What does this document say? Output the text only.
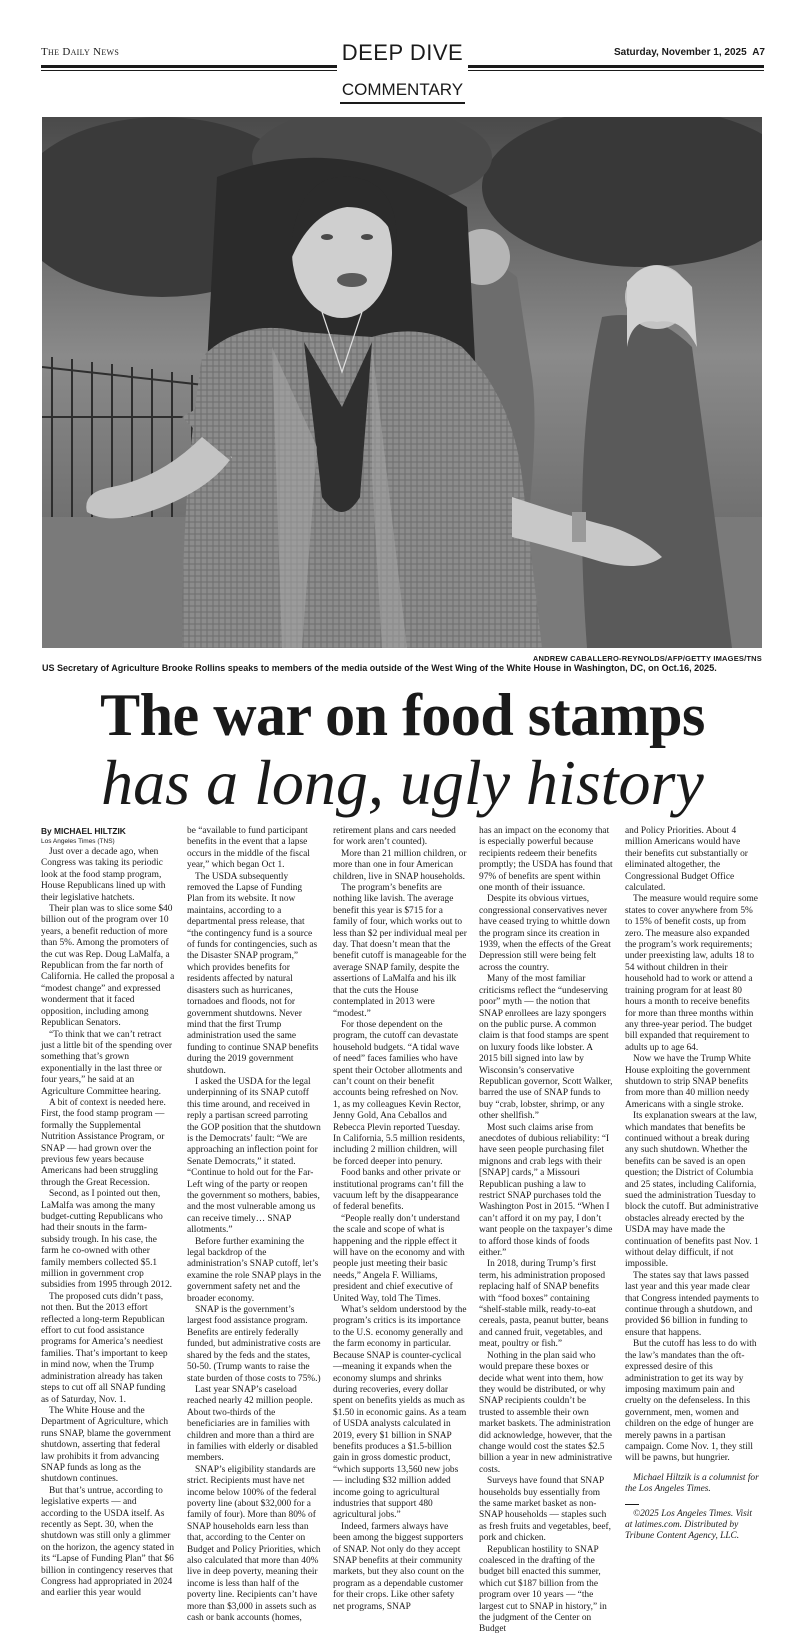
The Daily News	DEEP DIVE	Saturday, November 1, 2025 A7
COMMENTARY
ANDREW CABALLERO-REYNOLDS/AFP/GETTY IMAGES/TNS
US Secretary of Agriculture Brooke Rollins speaks to members of the media outside of the West Wing of the White House in Washington, DC, on Oct.16, 2025.
The war on food stamps
has a long, ugly history
By MICHAEL HILTZIK
Los Angeles Times (TNS)

Just over a decade ago, when Congress was taking its periodic look at the food stamp program, House Republicans lined up with their legislative hatchets.

Their plan was to slice some $40 billion out of the program over 10 years, a benefit reduction of more than 5%. Among the promoters of the cut was Rep. Doug LaMalfa, a Republican from the far north of California. He called the proposal a “modest change” and expressed wonderment that it faced opposition, including among Republican Senators.

“To think that we can’t retract just a little bit of the spending over something that’s grown exponentially in the last three or four years,” he said at an Agriculture Committee hearing.

A bit of context is needed here. First, the food stamp program — formally the Supplemental Nutrition Assistance Program, or SNAP — had grown over the previous few years because Americans had been struggling through the Great Recession.

Second, as I pointed out then, LaMalfa was among the many budget-cutting Republicans who had their snouts in the farm-subsidy trough. In his case, the farm he co-owned with other family members collected $5.1 million in government crop subsidies from 1995 through 2012.

The proposed cuts didn’t pass, not then. But the 2013 effort reflected a long-term Republican effort to cut food assistance programs for America’s neediest families. That’s important to keep in mind now, when the Trump administration already has taken steps to cut off all SNAP funding as of Saturday, Nov. 1.

The White House and the Department of Agriculture, which runs SNAP, blame the government shutdown, asserting that federal law prohibits it from advancing SNAP funds as long as the shutdown continues.

But that’s untrue, according to legislative experts — and according to the USDA itself. As recently as Sept. 30, when the shutdown was still only a glimmer on the horizon, the agency stated in its “Lapse of Funding Plan” that $6 billion in contingency reserves that Congress had appropriated in 2024 and earlier this year would

be “available to fund participant benefits in the event that a lapse occurs in the middle of the fiscal year,” which began Oct 1.

The USDA subsequently removed the Lapse of Funding Plan from its website. It now maintains, according to a departmental press release, that “the contingency fund is a source of funds for contingencies, such as the Disaster SNAP program,” which provides benefits for residents affected by natural disasters such as hurricanes, tornadoes and floods, not for government shutdowns. Never mind that the first Trump administration used the same funding to continue SNAP benefits during the 2019 government shutdown.

I asked the USDA for the legal underpinning of its SNAP cutoff this time around, and received in reply a partisan screed parroting the GOP position that the shutdown is the Democrats’ fault: “We are approaching an inflection point for Senate Democrats,” it stated. “Continue to hold out for the Far-Left wing of the party or reopen the government so mothers, babies, and the most vulnerable among us can receive timely… SNAP allotments.”

Before further examining the legal backdrop of the administration’s SNAP cutoff, let’s examine the role SNAP plays in the government safety net and the broader economy.

SNAP is the government’s largest food assistance program. Benefits are entirely federally funded, but administrative costs are shared by the feds and the states, 50-50. (Trump wants to raise the state burden of those costs to 75%.)

Last year SNAP’s caseload reached nearly 42 million people. About two-thirds of the beneficiaries are in families with children and more than a third are in families with elderly or disabled members.

SNAP’s eligibility standards are strict. Recipients must have net income below 100% of the federal poverty line (about $32,000 for a family of four). More than 80% of SNAP households earn less than that, according to the Center on Budget and Policy Priorities, which also calculated that more than 40% live in deep poverty, meaning their income is less than half of the poverty line. Recipients can’t have more than $3,000 in assets such as cash or bank accounts (homes,

retirement plans and cars needed for work aren’t counted).

More than 21 million children, or more than one in four American children, live in SNAP households.

The program’s benefits are nothing like lavish. The average benefit this year is $715 for a family of four, which works out to less than $2 per individual meal per day. That doesn’t mean that the benefit cutoff is manageable for the average SNAP family, despite the assertions of LaMalfa and his ilk that the cuts the House contemplated in 2013 were “modest.”

For those dependent on the program, the cutoff can devastate household budgets. “A tidal wave of need” faces families who have spent their October allotments and can’t count on their benefit accounts being refreshed on Nov. 1, as my colleagues Kevin Rector, Jenny Gold, Ana Ceballos and Rebecca Plevin reported Tuesday. In California, 5.5 million residents, including 2 million children, will be forced deeper into penury.

Food banks and other private or institutional programs can’t fill the vacuum left by the disappearance of federal benefits.

“People really don’t understand the scale and scope of what is happening and the ripple effect it will have on the economy and with people just meeting their basic needs,” Angela F. Williams, president and chief executive of United Way, told The Times.

What’s seldom understood by the program’s critics is its importance to the U.S. economy generally and the farm economy in particular. Because SNAP is counter-cyclical—meaning it expands when the economy slumps and shrinks during recoveries, every dollar spent on benefits yields as much as $1.50 in economic gains. As a team of USDA analysts calculated in 2019, every $1 billion in SNAP benefits produces a $1.5-billion gain in gross domestic product, “which supports 13,560 new jobs — including $32 million added income going to agricultural industries that support 480 agricultural jobs.”

Indeed, farmers always have been among the biggest supporters of SNAP. Not only do they accept SNAP benefits at their community markets, but they also count on the program as a dependable customer for their crops. Like other safety net programs, SNAP

has an impact on the economy that is especially powerful because recipients redeem their benefits promptly; the USDA has found that 97% of benefits are spent within one month of their issuance.

Despite its obvious virtues, congressional conservatives never have ceased trying to whittle down the program since its creation in 1939, when the effects of the Great Depression still were being felt across the country.

Many of the most familiar criticisms reflect the “undeserving poor” myth — the notion that SNAP enrollees are lazy spongers on the public purse. A common claim is that food stamps are spent on luxury foods like lobster. A 2015 bill signed into law by Wisconsin’s conservative Republican governor, Scott Walker, barred the use of SNAP funds to buy “crab, lobster, shrimp, or any other shellfish.”

Most such claims arise from anecdotes of dubious reliability: “I have seen people purchasing filet mignons and crab legs with their [SNAP] cards,” a Missouri Republican pushing a law to restrict SNAP purchases told the Washington Post in 2015. “When I can’t afford it on my pay, I don’t want people on the taxpayer’s dime to afford those kinds of foods either.”

In 2018, during Trump’s first term, his administration proposed replacing half of SNAP benefits with “food boxes” containing “shelf-stable milk, ready-to-eat cereals, pasta, peanut butter, beans and canned fruit, vegetables, and meat, poultry or fish.”

Nothing in the plan said who would prepare these boxes or decide what went into them, how they would be distributed, or why SNAP recipients couldn’t be trusted to assemble their own market baskets. The administration did acknowledge, however, that the change would cost the states $2.5 billion a year in new administrative costs.

Surveys have found that SNAP households buy essentially from the same market basket as non-SNAP households — staples such as fresh fruits and vegetables, beef, pork and chicken.

Republican hostility to SNAP coalesced in the drafting of the budget bill enacted this summer, which cut $187 billion from the program over 10 years — “the largest cut to SNAP in history,” in the judgment of the Center on Budget

and Policy Priorities. About 4 million Americans would have their benefits cut substantially or eliminated altogether, the Congressional Budget Office calculated.

The measure would require some states to cover anywhere from 5% to 15% of benefit costs, up from zero. The measure also expanded the program’s work requirements; under preexisting law, adults 18 to 54 without children in their household had to work or attend a training program for at least 80 hours a month to receive benefits for more than three months within any three-year period. The budget bill expanded that requirement to adults up to age 64.

Now we have the Trump White House exploiting the government shutdown to strip SNAP benefits from more than 40 million needy Americans with a single stroke.

Its explanation swears at the law, which mandates that benefits be continued without a break during any such shutdown. Whether the benefits can be saved is an open question; the District of Columbia and 25 states, including California, sued the administration Tuesday to block the cutoff. But administrative obstacles already erected by the USDA may have made the continuation of benefits past Nov. 1 without delay difficult, if not impossible.

The states say that laws passed last year and this year made clear that Congress intended payments to continue through a shutdown, and provided $6 billion in funding to ensure that happens.

But the cutoff has less to do with the law’s mandates than the oft-expressed desire of this administration to get its way by imposing maximum pain and cruelty on the defenseless. In this government, men, women and children on the edge of hunger are merely pawns in a partisan campaign. Come Nov. 1, they still will be pawns, but hungrier.

Michael Hiltzik is a columnist for the Los Angeles Times.

©2025 Los Angeles Times. Visit at latimes.com. Distributed by Tribune Content Agency, LLC.
